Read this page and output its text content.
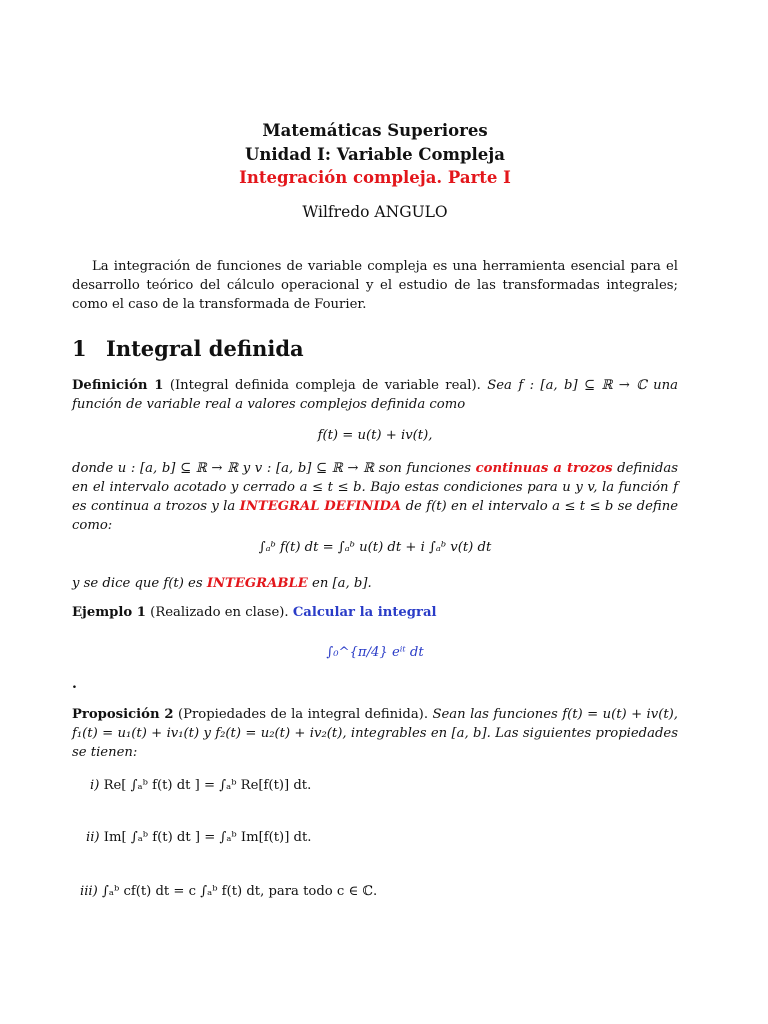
Matemáticas Superiores
Unidad I: Variable Compleja
Integración compleja. Parte I
Wilfredo ANGULO
La integración de funciones de variable compleja es una herramienta esencial para el desarrollo teórico del cálculo operacional y el estudio de las transformadas integrales; como el caso de la transformada de Fourier.
1 Integral definida
Definición 1 (Integral definida compleja de variable real). Sea f : [a, b] ⊆ ℝ → ℂ una función de variable real a valores complejos definida como
f(t) = u(t) + iv(t),
donde u : [a, b] ⊆ ℝ → ℝ y v : [a, b] ⊆ ℝ → ℝ son funciones continuas a trozos definidas en el intervalo acotado y cerrado a ≤ t ≤ b. Bajo estas condiciones para u y v, la función f es continua a trozos y la INTEGRAL DEFINIDA de f(t) en el intervalo a ≤ t ≤ b se define como:
∫ₐᵇ f(t) dt = ∫ₐᵇ u(t) dt + i ∫ₐᵇ v(t) dt
y se dice que f(t) es INTEGRABLE en [a, b].
Ejemplo 1 (Realizado en clase). Calcular la integral
∫₀^{π/4} eⁱᵗ dt
.
Proposición 2 (Propiedades de la integral definida). Sean las funciones f(t) = u(t) + iv(t), f₁(t) = u₁(t) + iv₁(t) y f₂(t) = u₂(t) + iv₂(t), integrables en [a, b]. Las siguientes propiedades se tienen:
i) Re[ ∫ₐᵇ f(t) dt ] = ∫ₐᵇ Re[f(t)] dt.
ii) Im[ ∫ₐᵇ f(t) dt ] = ∫ₐᵇ Im[f(t)] dt.
iii) ∫ₐᵇ cf(t) dt = c ∫ₐᵇ f(t) dt, para todo c ∈ ℂ.
